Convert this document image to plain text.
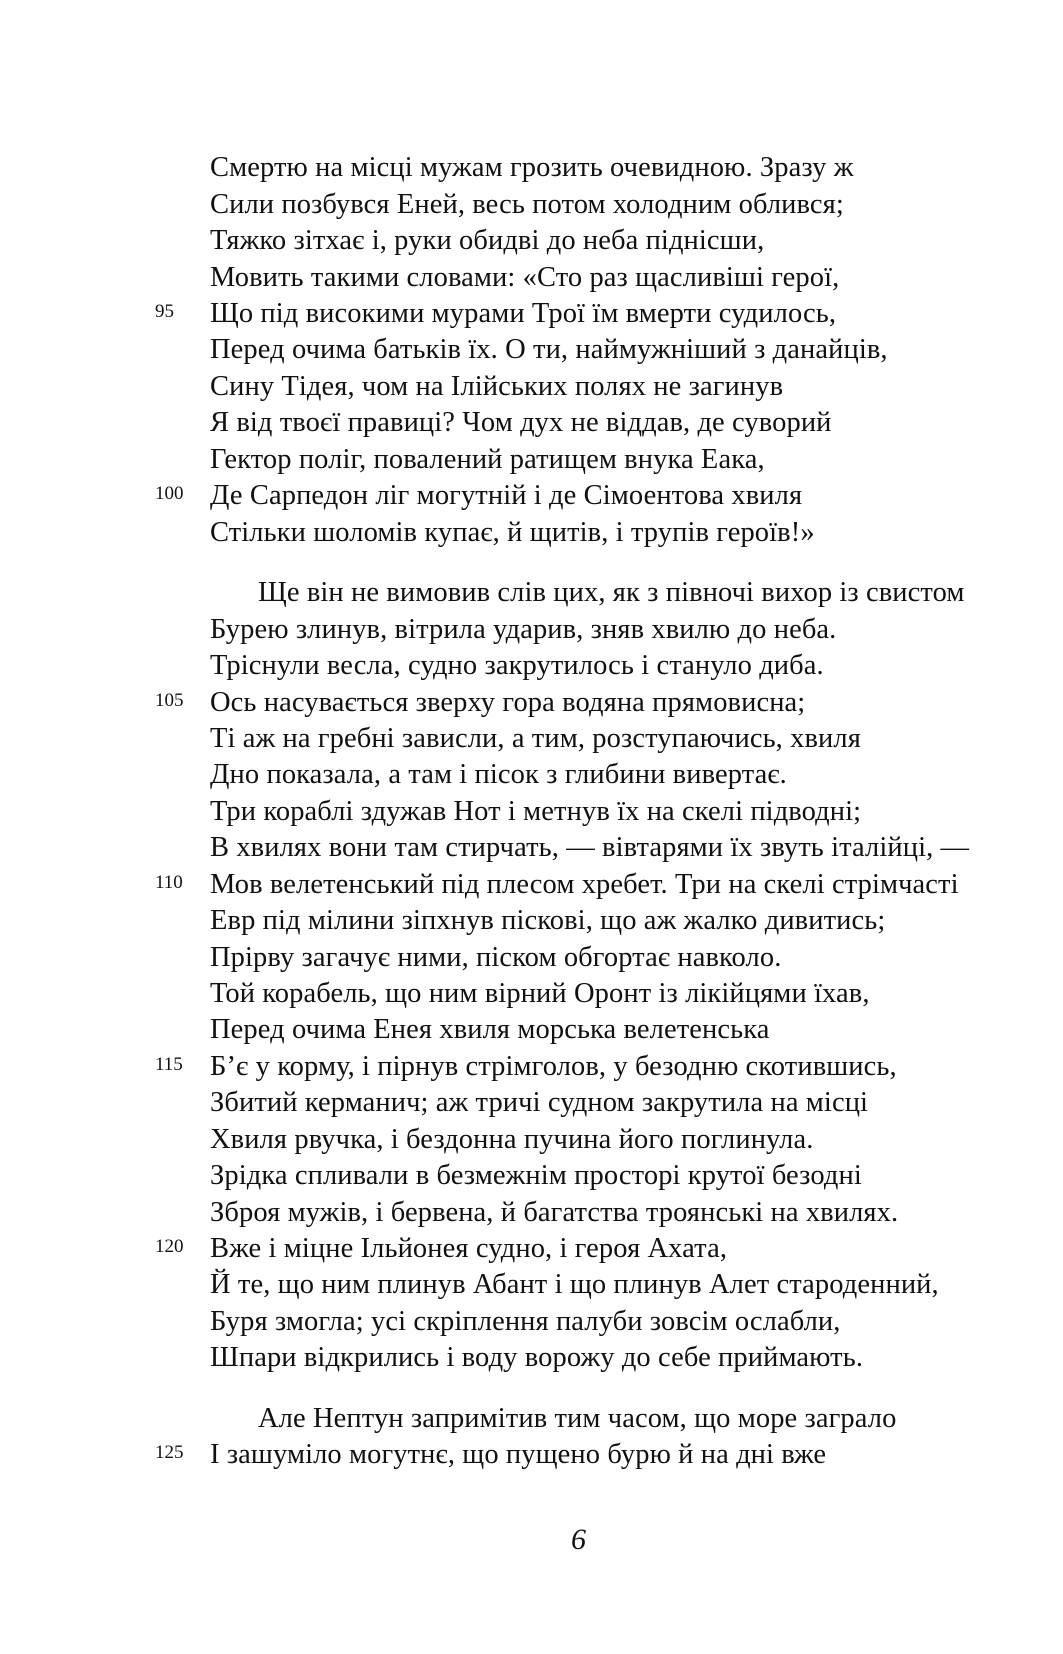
Смертю на місці мужам грозить очевидною. Зразу ж
Сили позбувся Еней, весь потом холодним облився;
Тяжко зітхає і, руки обидві до неба піднісши,
Мовить такими словами: «Сто раз щасливіші герої,
Що під високими мурами Трої їм вмерти судилось,
Перед очима батьків їх. О ти, наймужніший з данайців,
Сину Тідея, чом на Ілійських полях не загинув
Я від твоєї правиці? Чом дух не віддав, де суворий
Гектор поліг, повалений ратищем внука Еака,
Де Сарпедон ліг могутній і де Сімоентова хвиля
Стільки шоломів купає, й щитів, і трупів героїв!»
Ще він не вимовив слів цих, як з півночі вихор із свистом
Бурею злинув, вітрила ударив, зняв хвилю до неба.
Тріснули весла, судно закрутилось і стануло диба.
Ось насувається зверху гора водяна прямовисна;
Ті аж на гребні зависли, а тим, розступаючись, хвиля
Дно показала, а там і пісок з глибини вивертає.
Три кораблі здужав Нот і метнув їх на скелі підводні;
В хвилях вони там стирчать, — вівтарями їх звуть італійці, —
Мов велетенський під плесом хребет. Три на скелі стрімчасті
Евр під мілини зіпхнув піскові, що аж жалко дивитись;
Прірву загачує ними, піском обгортає навколо.
Той корабель, що ним вірний Оронт із лікійцями їхав,
Перед очима Енея хвиля морська велетенська
Б’є у корму, і пірнув стрімголов, у безодню скотившись,
Збитий керманич; аж тричі судном закрутила на місці
Хвиля рвучка, і бездонна пучина його поглинула.
Зрідка спливали в безмежнім просторі крутої безодні
Зброя мужів, і бервена, й багатства троянські на хвилях.
Вже і міцне Ільйонея судно, і героя Ахата,
Й те, що ним плинув Абант і що плинув Алет староденний,
Буря змогла; усі скріплення палуби зовсім ослабли,
Шпари відкрились і воду ворожу до себе приймають.
Але Нептун запримітив тим часом, що море заграло
І зашуміло могутнє, що пущено бурю й на дні вже
95
100
105
110
115
120
125
6
